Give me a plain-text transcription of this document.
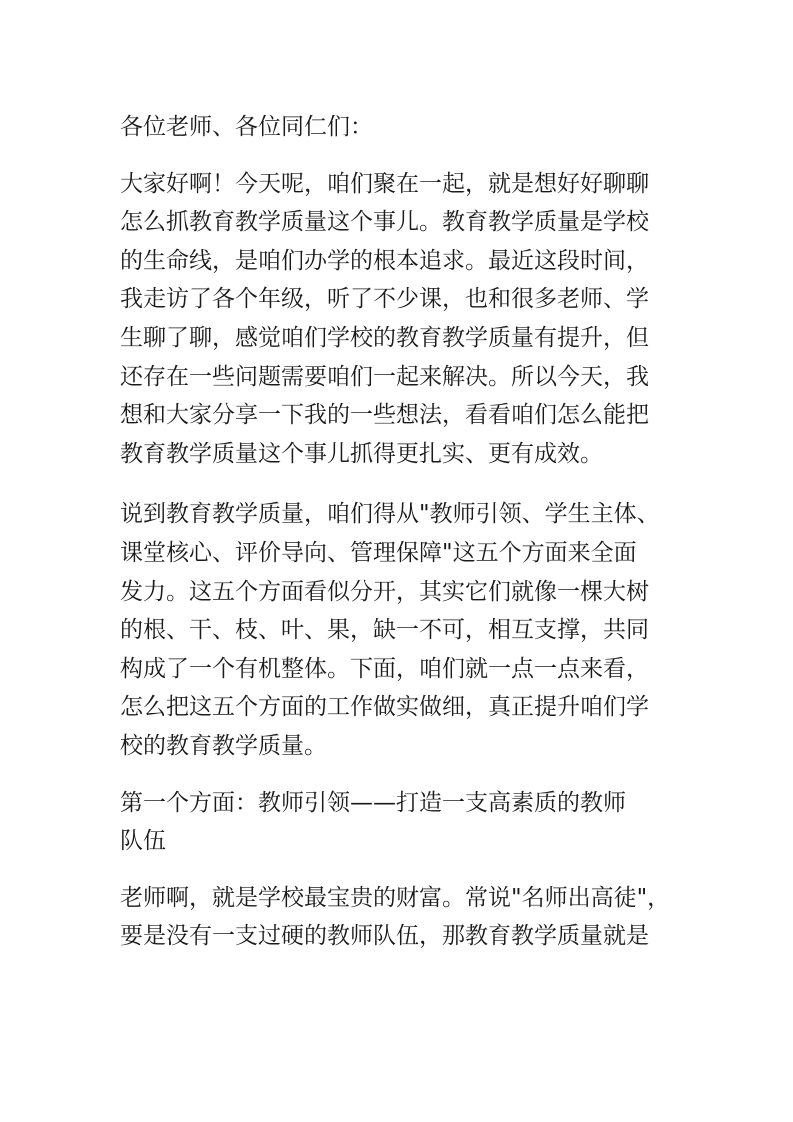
各位老师、各位同仁们：

大家好啊！今天呢，咱们聚在一起，就是想好好聊聊
怎么抓教育教学质量这个事儿。教育教学质量是学校
的生命线，是咱们办学的根本追求。最近这段时间，
我走访了各个年级，听了不少课，也和很多老师、学
生聊了聊，感觉咱们学校的教育教学质量有提升，但
还存在一些问题需要咱们一起来解决。所以今天，我
想和大家分享一下我的一些想法，看看咱们怎么能把
教育教学质量这个事儿抓得更扎实、更有成效。

说到教育教学质量，咱们得从"教师引领、学生主体、
课堂核心、评价导向、管理保障"这五个方面来全面
发力。这五个方面看似分开，其实它们就像一棵大树
的根、干、枝、叶、果，缺一不可，相互支撑，共同
构成了一个有机整体。下面，咱们就一点一点来看，
怎么把这五个方面的工作做实做细，真正提升咱们学
校的教育教学质量。

第一个方面：教师引领——打造一支高素质的教师
队伍

老师啊，就是学校最宝贵的财富。常说"名师出高徒"，
要是没有一支过硬的教师队伍，那教育教学质量就是
